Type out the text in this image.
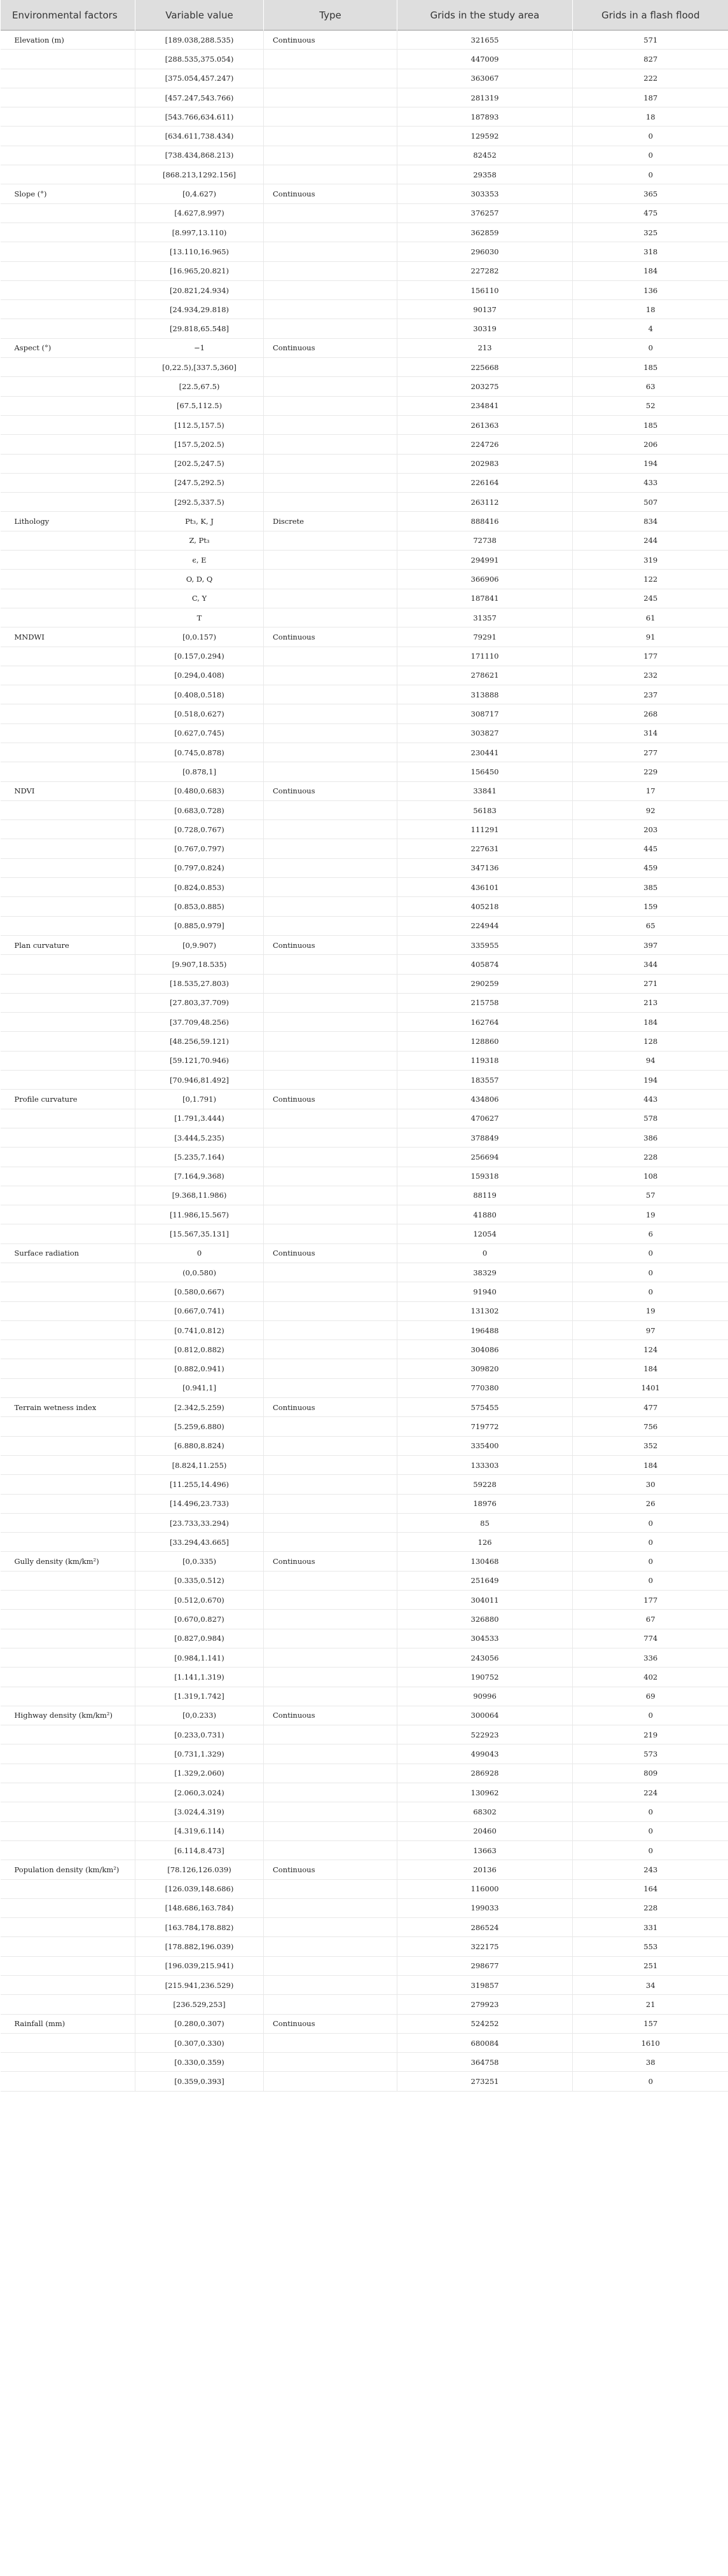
Environmental factors	Variable value	Type	Grids in the study area	Grids in a flash flood
Elevation (m)	[189.038,288.535)	Continuous	321655	571
	[288.535,375.054)		447009	827
	[375.054,457.247)		363067	222
	[457.247,543.766)		281319	187
	[543.766,634.611)		187893	18
	[634.611,738.434)		129592	0
	[738.434,868.213)		82452	0
	[868.213,1292.156]		29358	0
Slope (°)	[0,4.627)	Continuous	303353	365
	[4.627,8.997)		376257	475
	[8.997,13.110)		362859	325
	[13.110,16.965)		296030	318
	[16.965,20.821)		227282	184
	[20.821,24.934)		156110	136
	[24.934,29.818)		90137	18
	[29.818,65.548]		30319	4
Aspect (°)	−1	Continuous	213	0
	[0,22.5),[337.5,360]		225668	185
	[22.5,67.5)		203275	63
	[67.5,112.5)		234841	52
	[112.5,157.5)		261363	185
	[157.5,202.5)		224726	206
	[202.5,247.5)		202983	194
	[247.5,292.5)		226164	433
	[292.5,337.5)		263112	507
Lithology	Pt₃, K, J	Discrete	888416	834
	Z, Pt₃		72738	244
	ϵ, E		294991	319
	O, D, Q		366906	122
	C, Y		187841	245
	T		31357	61
MNDWI	[0,0.157)	Continuous	79291	91
	[0.157,0.294)		171110	177
	[0.294,0.408)		278621	232
	[0.408,0.518)		313888	237
	[0.518,0.627)		308717	268
	[0.627,0.745)		303827	314
	[0.745,0.878)		230441	277
	[0.878,1]		156450	229
NDVI	[0.480,0.683)	Continuous	33841	17
	[0.683,0.728)		56183	92
	[0.728,0.767)		111291	203
	[0.767,0.797)		227631	445
	[0.797,0.824)		347136	459
	[0.824,0.853)		436101	385
	[0.853,0.885)		405218	159
	[0.885,0.979]		224944	65
Plan curvature	[0,9.907)	Continuous	335955	397
	[9.907,18.535)		405874	344
	[18.535,27.803)		290259	271
	[27.803,37.709)		215758	213
	[37.709,48.256)		162764	184
	[48.256,59.121)		128860	128
	[59.121,70.946)		119318	94
	[70.946,81.492]		183557	194
Profile curvature	[0,1.791)	Continuous	434806	443
	[1.791,3.444)		470627	578
	[3.444,5.235)		378849	386
	[5.235,7.164)		256694	228
	[7.164,9.368)		159318	108
	[9.368,11.986)		88119	57
	[11.986,15.567)		41880	19
	[15.567,35.131]		12054	6
Surface radiation	0	Continuous	0	0
	(0,0.580)		38329	0
	[0.580,0.667)		91940	0
	[0.667,0.741)		131302	19
	[0.741,0.812)		196488	97
	[0.812,0.882)		304086	124
	[0.882,0.941)		309820	184
	[0.941,1]		770380	1401
Terrain wetness index	[2.342,5.259)	Continuous	575455	477
	[5.259,6.880)		719772	756
	[6.880,8.824)		335400	352
	[8.824,11.255)		133303	184
	[11.255,14.496)		59228	30
	[14.496,23.733)		18976	26
	[23.733,33.294)		85	0
	[33.294,43.665]		126	0
Gully density (km/km²)	[0,0.335)	Continuous	130468	0
	[0.335,0.512)		251649	0
	[0.512,0.670)		304011	177
	[0.670,0.827)		326880	67
	[0.827,0.984)		304533	774
	[0.984,1.141)		243056	336
	[1.141,1.319)		190752	402
	[1.319,1.742]		90996	69
Highway density (km/km²)	[0,0.233)	Continuous	300064	0
	[0.233,0.731)		522923	219
	[0.731,1.329)		499043	573
	[1.329,2.060)		286928	809
	[2.060,3.024)		130962	224
	[3.024,4.319)		68302	0
	[4.319,6.114)		20460	0
	[6.114,8.473]		13663	0
Population density (km/km²)	[78.126,126.039)	Continuous	20136	243
	[126.039,148.686)		116000	164
	[148.686,163.784)		199033	228
	[163.784,178.882)		286524	331
	[178.882,196.039)		322175	553
	[196.039,215.941)		298677	251
	[215.941,236.529)		319857	34
	[236.529,253]		279923	21
Rainfall (mm)	[0.280,0.307)	Continuous	524252	157
	[0.307,0.330)		680084	1610
	[0.330,0.359)		364758	38
	[0.359,0.393]		273251	0
